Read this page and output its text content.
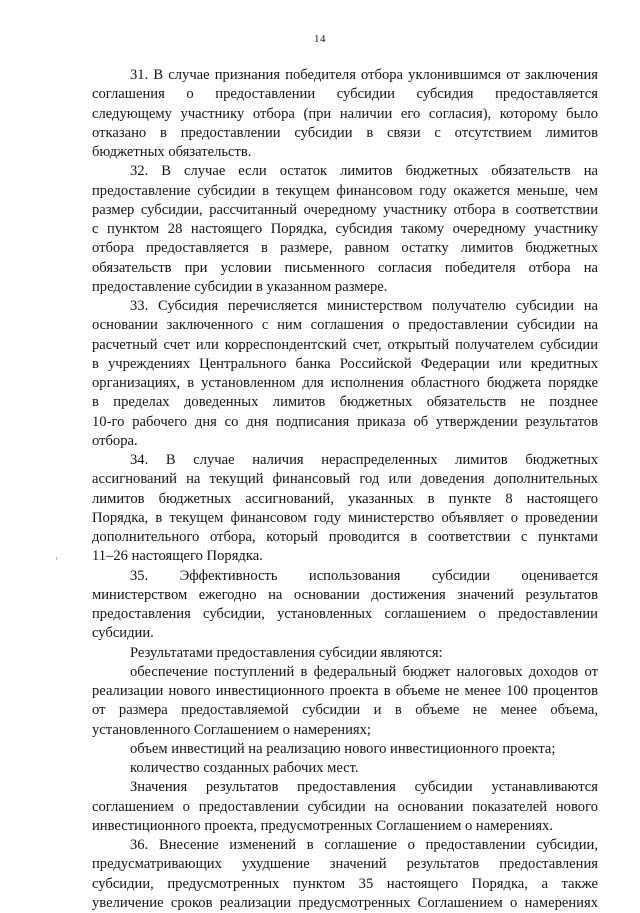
14
'
31. В случае признания победителя отбора уклонившимся от заключения
соглашения о предоставлении субсидии субсидия предоставляется
следующему участнику отбора (при наличии его согласия), которому было
отказано в предоставлении субсидии в связи с отсутствием лимитов
бюджетных обязательств.
32. В случае если остаток лимитов бюджетных обязательств на
предоставление субсидии в текущем финансовом году окажется меньше, чем
размер субсидии, рассчитанный очередному участнику отбора в соответствии
с пунктом 28 настоящего Порядка, субсидия такому очередному участнику
отбора предоставляется в размере, равном остатку лимитов бюджетных
обязательств при условии письменного согласия победителя отбора на
предоставление субсидии в указанном размере.
33. Субсидия перечисляется министерством получателю субсидии на
основании заключенного с ним соглашения о предоставлении субсидии на
расчетный счет или корреспондентский счет, открытый получателем субсидии
в учреждениях Центрального банка Российской Федерации или кредитных
организациях, в установленном для исполнения областного бюджета порядке
в пределах доведенных лимитов бюджетных обязательств не позднее
10-го рабочего дня со дня подписания приказа об утверждении результатов
отбора.
34. В случае наличия нераспределенных лимитов бюджетных
ассигнований на текущий финансовый год или доведения дополнительных
лимитов бюджетных ассигнований, указанных в пункте 8 настоящего
Порядка, в текущем финансовом году министерство объявляет о проведении
дополнительного отбора, который проводится в соответствии с пунктами
11–26 настоящего Порядка.
35. Эффективность использования субсидии оценивается
министерством ежегодно на основании достижения значений результатов
предоставления субсидии, установленных соглашением о предоставлении
субсидии.
Результатами предоставления субсидии являются:
обеспечение поступлений в федеральный бюджет налоговых доходов от
реализации нового инвестиционного проекта в объеме не менее 100 процентов
от размера предоставляемой субсидии и в объеме не менее объема,
установленного Соглашением о намерениях;
объем инвестиций на реализацию нового инвестиционного проекта;
количество созданных рабочих мест.
Значения результатов предоставления субсидии устанавливаются
соглашением о предоставлении субсидии на основании показателей нового
инвестиционного проекта, предусмотренных Соглашением о намерениях.
36. Внесение изменений в соглашение о предоставлении субсидии,
предусматривающих ухудшение значений результатов предоставления
субсидии, предусмотренных пунктом 35 настоящего Порядка, а также
увеличение сроков реализации предусмотренных Соглашением о намерениях
